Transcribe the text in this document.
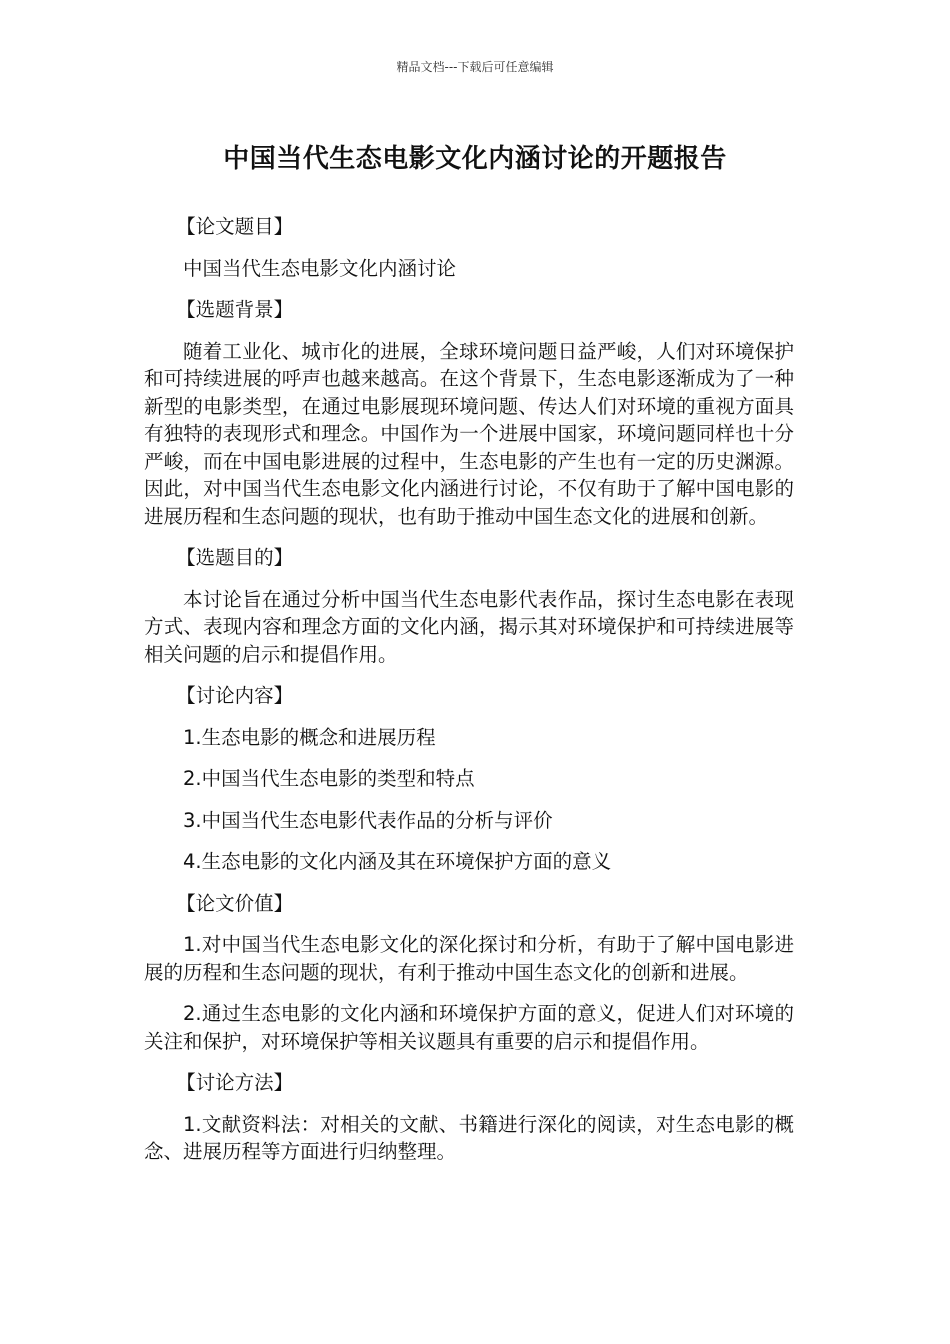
精品文档---下载后可任意编辑
中国当代生态电影文化内涵讨论的开题报告

【论文题目】

中国当代生态电影文化内涵讨论

【选题背景】

随着工业化、城市化的进展，全球环境问题日益严峻，人们对环境保护和可持续进展的呼声也越来越高。在这个背景下，生态电影逐渐成为了一种新型的电影类型，在通过电影展现环境问题、传达人们对环境的重视方面具有独特的表现形式和理念。中国作为一个进展中国家，环境问题同样也十分严峻，而在中国电影进展的过程中，生态电影的产生也有一定的历史渊源。因此，对中国当代生态电影文化内涵进行讨论，不仅有助于了解中国电影的进展历程和生态问题的现状，也有助于推动中国生态文化的进展和创新。

【选题目的】

本讨论旨在通过分析中国当代生态电影代表作品，探讨生态电影在表现方式、表现内容和理念方面的文化内涵，揭示其对环境保护和可持续进展等相关问题的启示和提倡作用。

【讨论内容】

1.生态电影的概念和进展历程

2.中国当代生态电影的类型和特点

3.中国当代生态电影代表作品的分析与评价

4.生态电影的文化内涵及其在环境保护方面的意义

【论文价值】

1.对中国当代生态电影文化的深化探讨和分析，有助于了解中国电影进展的历程和生态问题的现状，有利于推动中国生态文化的创新和进展。

2.通过生态电影的文化内涵和环境保护方面的意义，促进人们对环境的关注和保护，对环境保护等相关议题具有重要的启示和提倡作用。

【讨论方法】

1.文献资料法：对相关的文献、书籍进行深化的阅读，对生态电影的概念、进展历程等方面进行归纳整理。
